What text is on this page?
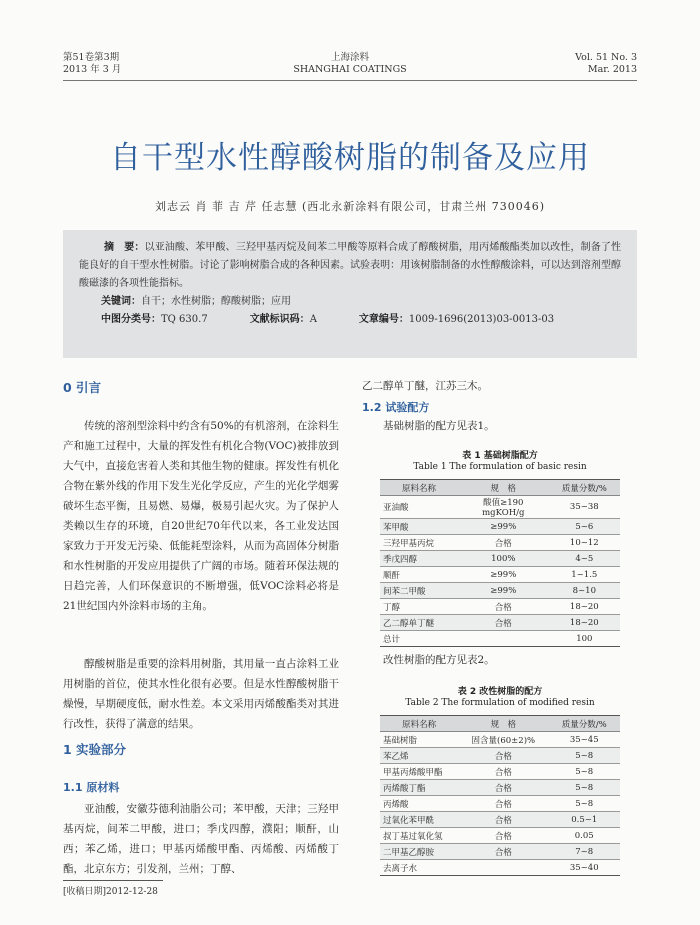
第51卷第3期
2013 年 3 月
上海涂料
SHANGHAI COATINGS
Vol. 51 No. 3
Mar. 2013
自干型水性醇酸树脂的制备及应用
刘志云 肖 菲 吉 芹 任志慧 (西北永新涂料有限公司，甘肃兰州 730046)

摘　要：以亚油酸、苯甲酸、三羟甲基丙烷及间苯二甲酸等原料合成了醇酸树脂，用丙烯酸酯类加以改性，制备了性能良好的自干型水性树脂。讨论了影响树脂合成的各种因素。试验表明：用该树脂制备的水性醇酸涂料，可以达到溶剂型醇酸磁漆的各项性能指标。

关键词：自干；水性树脂；醇酸树脂；应用
中图分类号：TQ 630.7	文献标识码：A	文章编号：1009-1696(2013)03-0013-03
0 引言

传统的溶剂型涂料中约含有50%的有机溶剂，在涂料生产和施工过程中，大量的挥发性有机化合物(VOC)被排放到大气中，直接危害着人类和其他生物的健康。挥发性有机化合物在紫外线的作用下发生光化学反应，产生的光化学烟雾破坏生态平衡，且易燃、易爆，极易引起火灾。为了保护人类赖以生存的环境，自20世纪70年代以来，各工业发达国家致力于开发无污染、低能耗型涂料，从而为高固体分树脂和水性树脂的开发应用提供了广阔的市场。随着环保法规的日趋完善，人们环保意识的不断增强，低VOC涂料必将是21世纪国内外涂料市场的主角。

醇酸树脂是重要的涂料用树脂，其用量一直占涂料工业用树脂的首位，使其水性化很有必要。但是水性醇酸树脂干燥慢，早期硬度低，耐水性差。本文采用丙烯酸酯类对其进行改性，获得了满意的结果。

1 实验部分
1.1 原材料

亚油酸，安徽芬德利油脂公司；苯甲酸，天津；三羟甲基丙烷，间苯二甲酸，进口；季戊四醇，濮阳；顺酐，山西；苯乙烯，进口；甲基丙烯酸甲酯、丙烯酸、丙烯酸丁酯，北京东方；引发剂，兰州；丁醇、

[收稿日期]2012-12-28

乙二醇单丁醚，江苏三木。

1.2 试验配方

基础树脂的配方见表1。

表 1 基础树脂配方
Table 1 The formulation of basic resin
原料名称	规　格	质量分数/%
亚油酸	酸值≥190 mgKOH/g	35~38
苯甲酸	≥99%	5~6
三羟甲基丙烷	合格	10~12
季戊四醇	100%	4~5
顺酐	≥99%	1~1.5
间苯二甲酸	≥99%	8~10
丁醇	合格	18~20
乙二醇单丁醚	合格	18~20
总计		100

改性树脂的配方见表2。

表 2 改性树脂的配方
Table 2 The formulation of modified resin
原料名称	规　格	质量分数/%
基础树脂	固含量(60±2)%	35~45
苯乙烯	合格	5~8
甲基丙烯酸甲酯	合格	5~8
丙烯酸丁酯	合格	5~8
丙烯酸	合格	5~8
过氧化苯甲酰	合格	0.5~1
叔丁基过氧化氢	合格	0.05
二甲基乙醇胺	合格	7~8
去离子水		35~40
